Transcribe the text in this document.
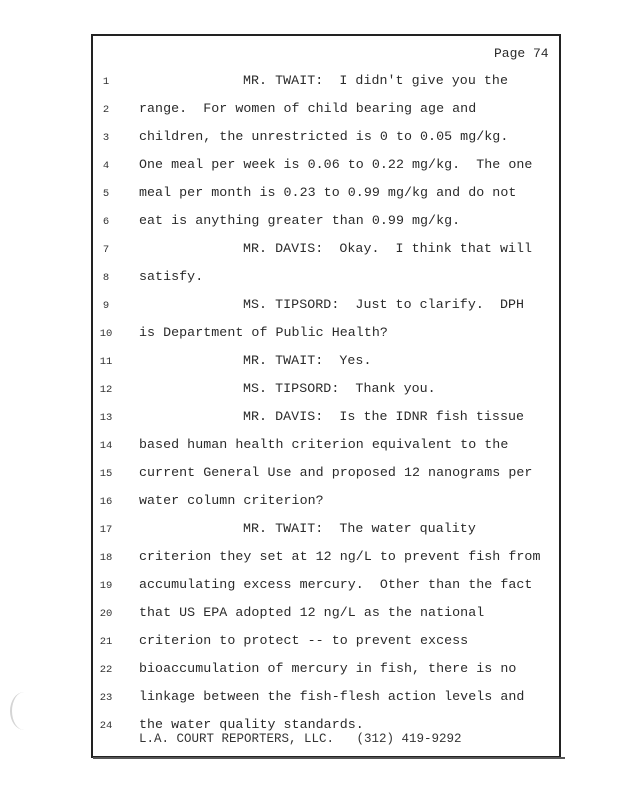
Page 74
1	MR. TWAIT:  I didn't give you the
2	range.  For women of child bearing age and
3	children, the unrestricted is 0 to 0.05 mg/kg.
4	One meal per week is 0.06 to 0.22 mg/kg.  The one
5	meal per month is 0.23 to 0.99 mg/kg and do not
6	eat is anything greater than 0.99 mg/kg.
7	MR. DAVIS:  Okay.  I think that will
8	satisfy.
9	MS. TIPSORD:  Just to clarify.  DPH
10 is Department of Public Health?
11	MR. TWAIT:  Yes.
12	MS. TIPSORD:  Thank you.
13	MR. DAVIS:  Is the IDNR fish tissue
14 based human health criterion equivalent to the
15 current General Use and proposed 12 nanograms per
16 water column criterion?
17	MR. TWAIT:  The water quality
18 criterion they set at 12 ng/L to prevent fish from
19 accumulating excess mercury.  Other than the fact
20 that US EPA adopted 12 ng/L as the national
21 criterion to protect -- to prevent excess
22 bioaccumulation of mercury in fish, there is no
23 linkage between the fish-flesh action levels and
24 the water quality standards.
L.A. COURT REPORTERS, LLC.   (312) 419-9292
